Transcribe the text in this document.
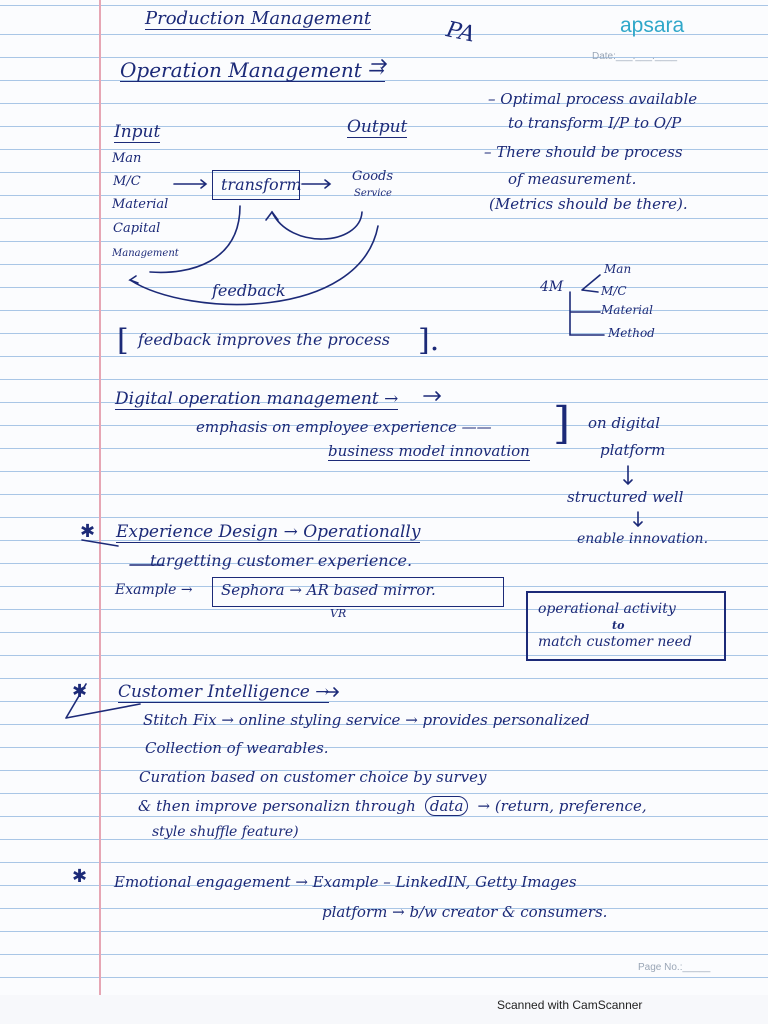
Production Management	PA	apsara
Date:___.___.____
Operation Management →
Input	Output
Man
M/C
Material
Capital
Management
transform	Goods
Service
feedback
– Optimal process available
to transform I/P to O/P
– There should be process
of measurement.
(Metrics should be there).
4M
Man
M/C
Material
Method
[ feedback improves the process ].
Digital operation management →
emphasis on employee experience ——
business model innovation
] on digital
platform
structured well
enable innovation.
✱ Experience Design → Operationally
targetting customer experience.
Example → Sephora → AR based mirror.
VR	operational activity
to
match customer need
✱ Customer Intelligence →
Stitch Fix → online styling service → provides personalized
Collection of wearables.
Curation based on customer choice by survey
& then improve personalizn through data → (return, preference,
style shuffle feature)
✱ Emotional engagement → Example – LinkedIN, Getty Images
platform → b/w creator & consumers.
Page No.:_____
Scanned with CamScanner
